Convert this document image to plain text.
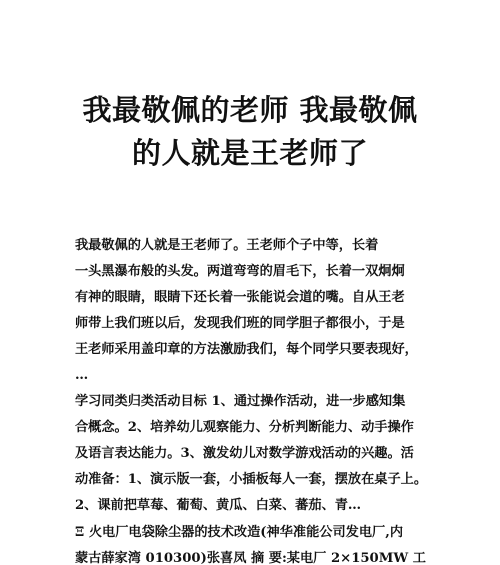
我最敬佩的老师 我最敬佩
的人就是王老师了
我最敬佩的人就是王老师了。王老师个子中等，长着
一头黑瀑布般的头发。两道弯弯的眉毛下，长着一双炯炯
有神的眼睛，眼睛下还长着一张能说会道的嘴。自从王老
师带上我们班以后，发现我们班的同学胆子都很小，于是
王老师采用盖印章的方法激励我们，每个同学只要表现好，
…
学习同类归类活动目标 1、通过操作活动，进一步感知集
合概念。2、培养幼儿观察能力、分析判断能力、动手操作
及语言表达能力。3、激发幼儿对数学游戏活动的兴趣。活
动准备：1、演示版一套，小插板每人一套，摆放在桌子上。
2、课前把草莓、葡萄、黄瓜、白菜、蕃茄、青…
Ξ 火电厂电袋除尘器的技术改造(神华准能公司发电厂,内
蒙古薛家湾 010300)张喜凤 摘 要:某电厂 2×150MW 工
